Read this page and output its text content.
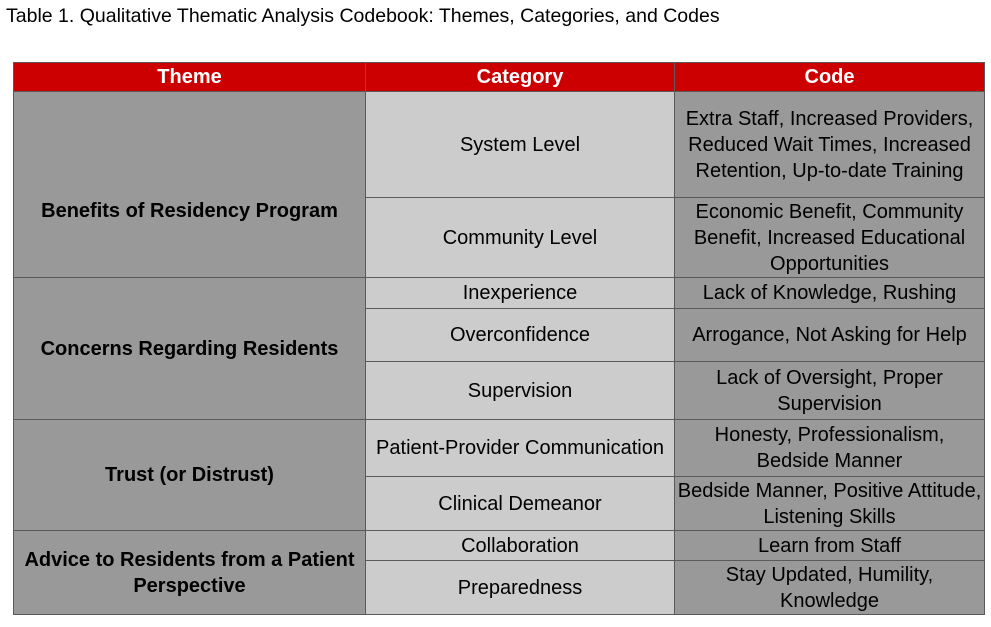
Table 1. Qualitative Thematic Analysis Codebook: Themes, Categories, and Codes
Theme	Category	Code
Benefits of Residency Program	System Level	Extra Staff, Increased Providers, Reduced Wait Times, Increased Retention, Up-to-date Training
	Community Level	Economic Benefit, Community Benefit, Increased Educational Opportunities
Concerns Regarding Residents	Inexperience	Lack of Knowledge, Rushing
	Overconfidence	Arrogance, Not Asking for Help
	Supervision	Lack of Oversight, Proper Supervision
Trust (or Distrust)	Patient-Provider Communication	Honesty, Professionalism, Bedside Manner
	Clinical Demeanor	Bedside Manner, Positive Attitude, Listening Skills
Advice to Residents from a Patient Perspective	Collaboration	Learn from Staff
	Preparedness	Stay Updated, Humility, Knowledge
